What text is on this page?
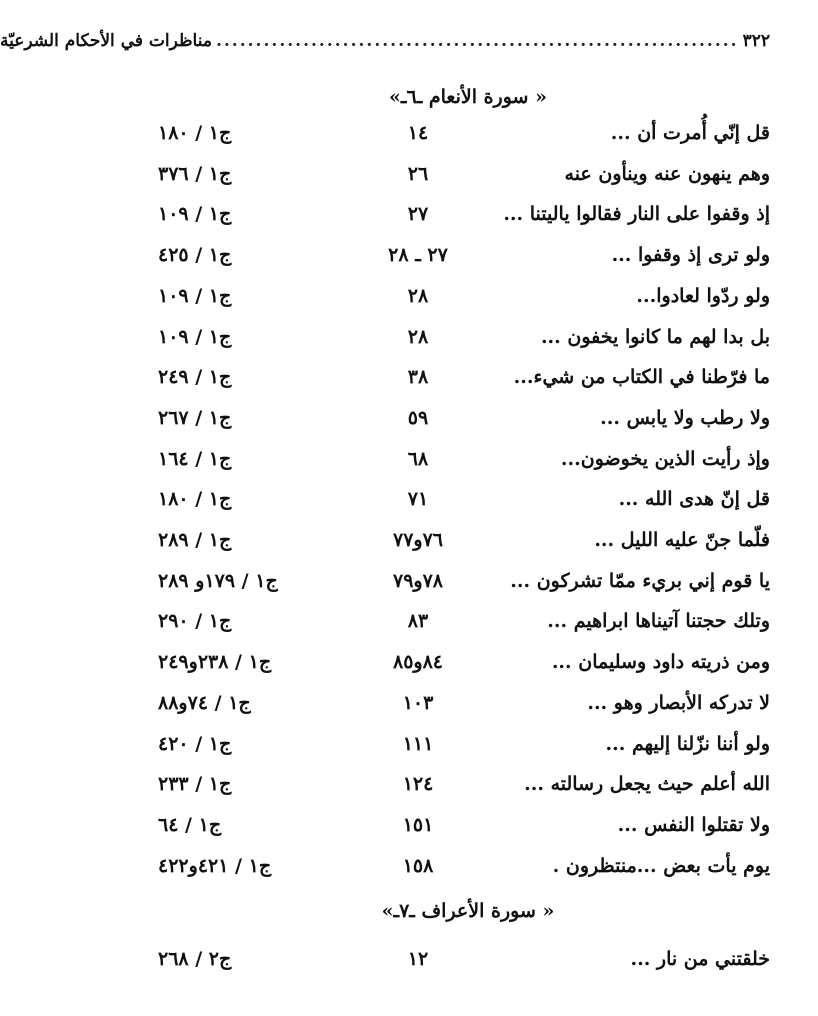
٣٢٢
..................................................................
مناظرات في الأحكام الشرعيّة
« سورة الأنعام ـ٦ـ»
قل إنّي أُمرت أن ...
١٤
ج١ / ١٨٠
وهم ينهون عنه وينأون عنه
٢٦
ج١ / ٣٧٦
إذ وقفوا على النار فقالوا ياليتنا ...
٢٧
ج١ / ١٠٩
ولو ترى إذ وقفوا ...
٢٧ ـ ٢٨
ج١ / ٤٢٥
ولو ردّوا لعادوا...
٢٨
ج١ / ١٠٩
بل بدا لهم ما كانوا يخفون ...
٢٨
ج١ / ١٠٩
ما فرّطنا في الكتاب من شيء...
٣٨
ج١ / ٢٤٩
ولا رطب ولا يابس ...
٥٩
ج١ / ٢٦٧
وإذ رأيت الذين يخوضون...
٦٨
ج١ / ١٦٤
قل إنّ هدى الله ...
٧١
ج١ / ١٨٠
فلّما جنّ عليه الليل ...
٧٦و٧٧
ج١ / ٢٨٩
يا قوم إني بريء ممّا تشركون ...
٧٨و٧٩
ج١ / ١٧٩و ٢٨٩
وتلك حجتنا آتيناها ابراهيم ...
٨٣
ج١ / ٢٩٠
ومن ذريته داود وسليمان ...
٨٤و٨٥
ج١ / ٢٣٨و٢٤٩
لا تدركه الأبصار وهو ...
١٠٣
ج١ / ٧٤و٨٨
ولو أننا نزّلنا إليهم ...
١١١
ج١ / ٤٢٠
الله أعلم حيث يجعل رسالته ...
١٢٤
ج١ / ٢٣٣
ولا تقتلوا النفس ...
١٥١
ج١ / ٦٤
يوم يأت بعض ...منتظرون .
١٥٨
ج١ / ٤٢١و٤٢٢
« سورة الأعراف ـ٧ـ»
خلقتني من نار ...
١٢
ج٢ / ٢٦٨
